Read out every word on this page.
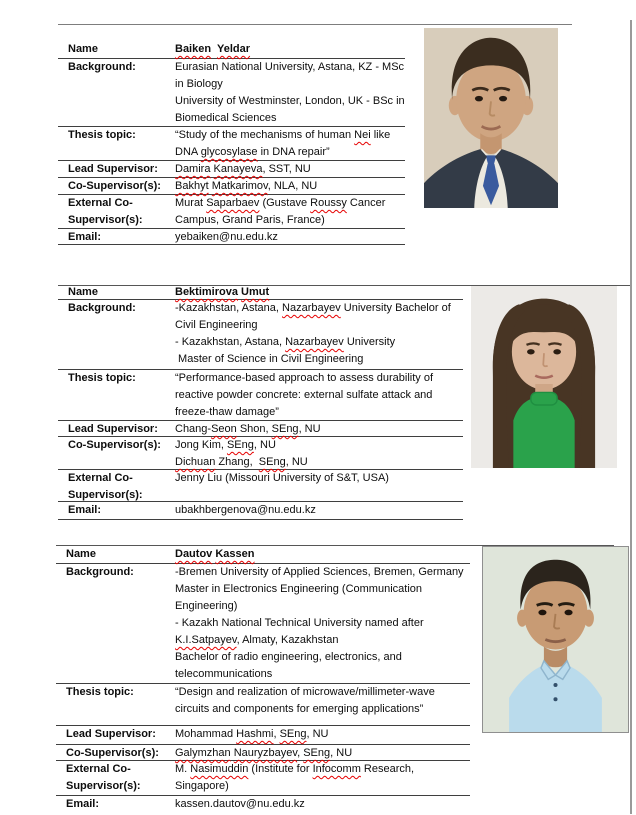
Name	Baiken Yeldar
Background:	Eurasian National University, Astana, KZ - MSc
in Biology
University of Westminster, London, UK - BSc in
Biomedical Sciences
Thesis topic:	“Study of the mechanisms of human Nei like
DNA glycosylase in DNA repair”
Lead Supervisor:	Damira Kanayeva, SST, NU
Co-Supervisor(s):	Bakhyt Matkarimov, NLA, NU
External Co-
Supervisor(s):
Murat Saparbaev (Gustave Roussy Cancer
Campus, Grand Paris, France)
Email:	yebaiken@nu.edu.kz
Name	Bektimirova Umut
Background:	-Kazakhstan, Astana, Nazarbayev University Bachelor of
Civil Engineering
- Kazakhstan, Astana, Nazarbayev University
Master of Science in Civil Engineering
Thesis topic:	“Performance-based approach to assess durability of
reactive powder concrete: external sulfate attack and
freeze-thaw damage”
Lead Supervisor:	Chang-Seon Shon, SEng, NU
Co-Supervisor(s):	Jong Kim, SEng, NU
Dichuan Zhang,  SEng, NU
External Co-
Supervisor(s):
Jenny Liu (Missouri University of S&T, USA)
Email:	ubakhbergenova@nu.edu.kz
Name	Dautov Kassen
Background:	-Bremen University of Applied Sciences, Bremen, Germany
Master in Electronics Engineering (Communication
Engineering)
- Kazakh National Technical University named after
K.I.Satpayev, Almaty, Kazakhstan
Bachelor of radio engineering, electronics, and
telecommunications
Thesis topic:	“Design and realization of microwave/millimeter-wave
circuits and components for emerging applications”
Lead Supervisor:	Mohammad Hashmi, SEng, NU
Co-Supervisor(s):	Galymzhan Nauryzbayev, SEng, NU
External Co-
Supervisor(s):
M. Nasimuddin (Institute for Infocomm Research,
Singapore)
Email:	kassen.dautov@nu.edu.kz
